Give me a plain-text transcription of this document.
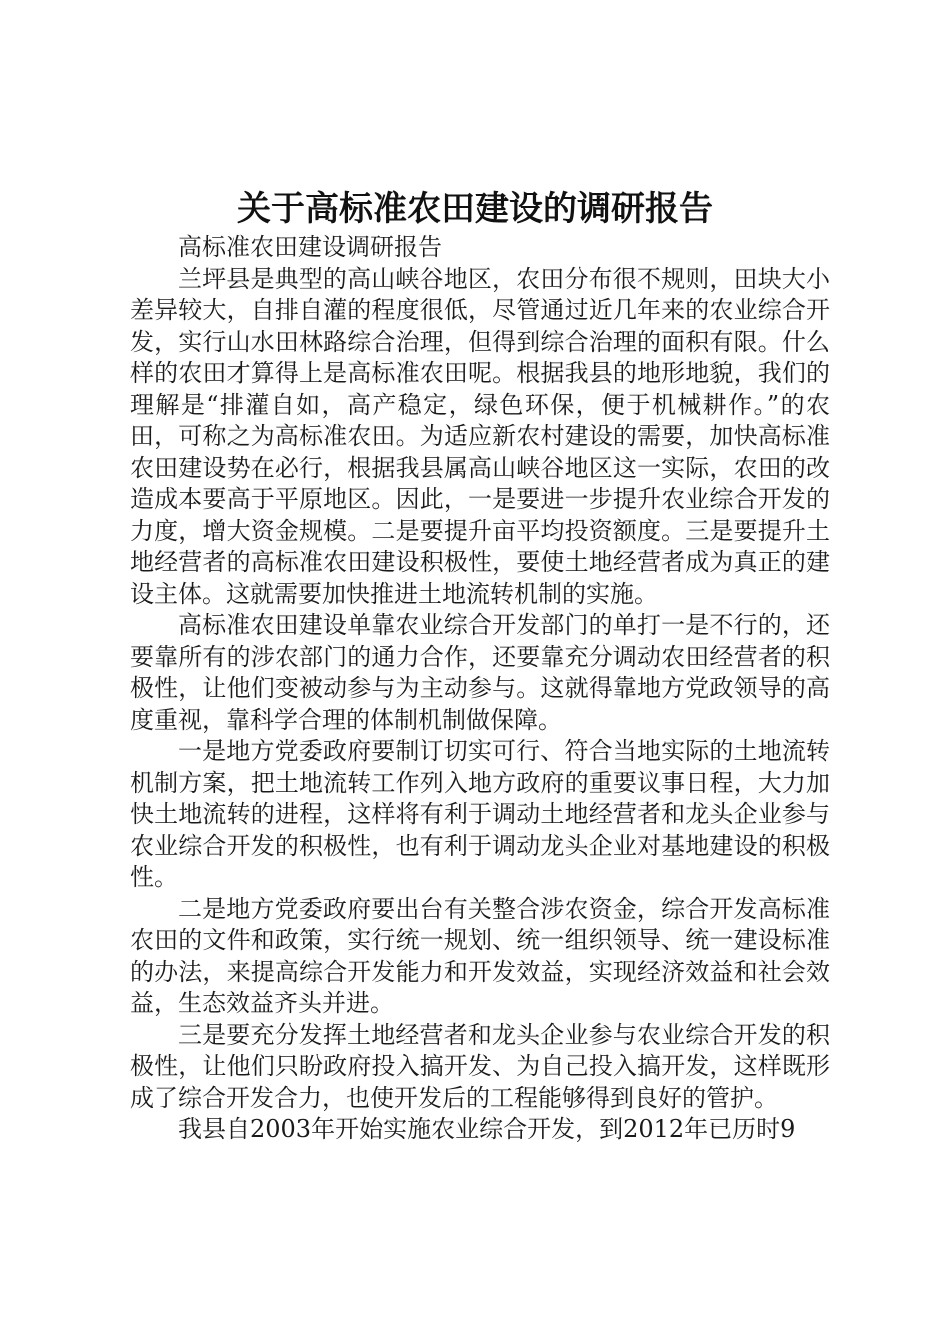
关于高标准农田建设的调研报告

高标准农田建设调研报告

兰坪县是典型的高山峡谷地区，农田分布很不规则，田块大小差异较大，自排自灌的程度很低，尽管通过近几年来的农业综合开发，实行山水田林路综合治理，但得到综合治理的面积有限。什么样的农田才算得上是高标准农田呢。根据我县的地形地貌，我们的理解是“排灌自如，高产稳定，绿色环保，便于机械耕作。”的农田，可称之为高标准农田。为适应新农村建设的需要，加快高标准农田建设势在必行，根据我县属高山峡谷地区这一实际，农田的改造成本要高于平原地区。因此，一是要进一步提升农业综合开发的力度，增大资金规模。二是要提升亩平均投资额度。三是要提升土地经营者的高标准农田建设积极性，要使土地经营者成为真正的建设主体。这就需要加快推进土地流转机制的实施。

高标准农田建设单靠农业综合开发部门的单打一是不行的，还要靠所有的涉农部门的通力合作，还要靠充分调动农田经营者的积极性，让他们变被动参与为主动参与。这就得靠地方党政领导的高度重视，靠科学合理的体制机制做保障。

一是地方党委政府要制订切实可行、符合当地实际的土地流转机制方案，把土地流转工作列入地方政府的重要议事日程，大力加快土地流转的进程，这样将有利于调动土地经营者和龙头企业参与农业综合开发的积极性，也有利于调动龙头企业对基地建设的积极性。

二是地方党委政府要出台有关整合涉农资金，综合开发高标准农田的文件和政策，实行统一规划、统一组织领导、统一建设标准的办法，来提高综合开发能力和开发效益，实现经济效益和社会效益，生态效益齐头并进。

三是要充分发挥土地经营者和龙头企业参与农业综合开发的积极性，让他们只盼政府投入搞开发、为自己投入搞开发，这样既形成了综合开发合力，也使开发后的工程能够得到良好的管护。

我县自2003年开始实施农业综合开发，到2012年已历时9
